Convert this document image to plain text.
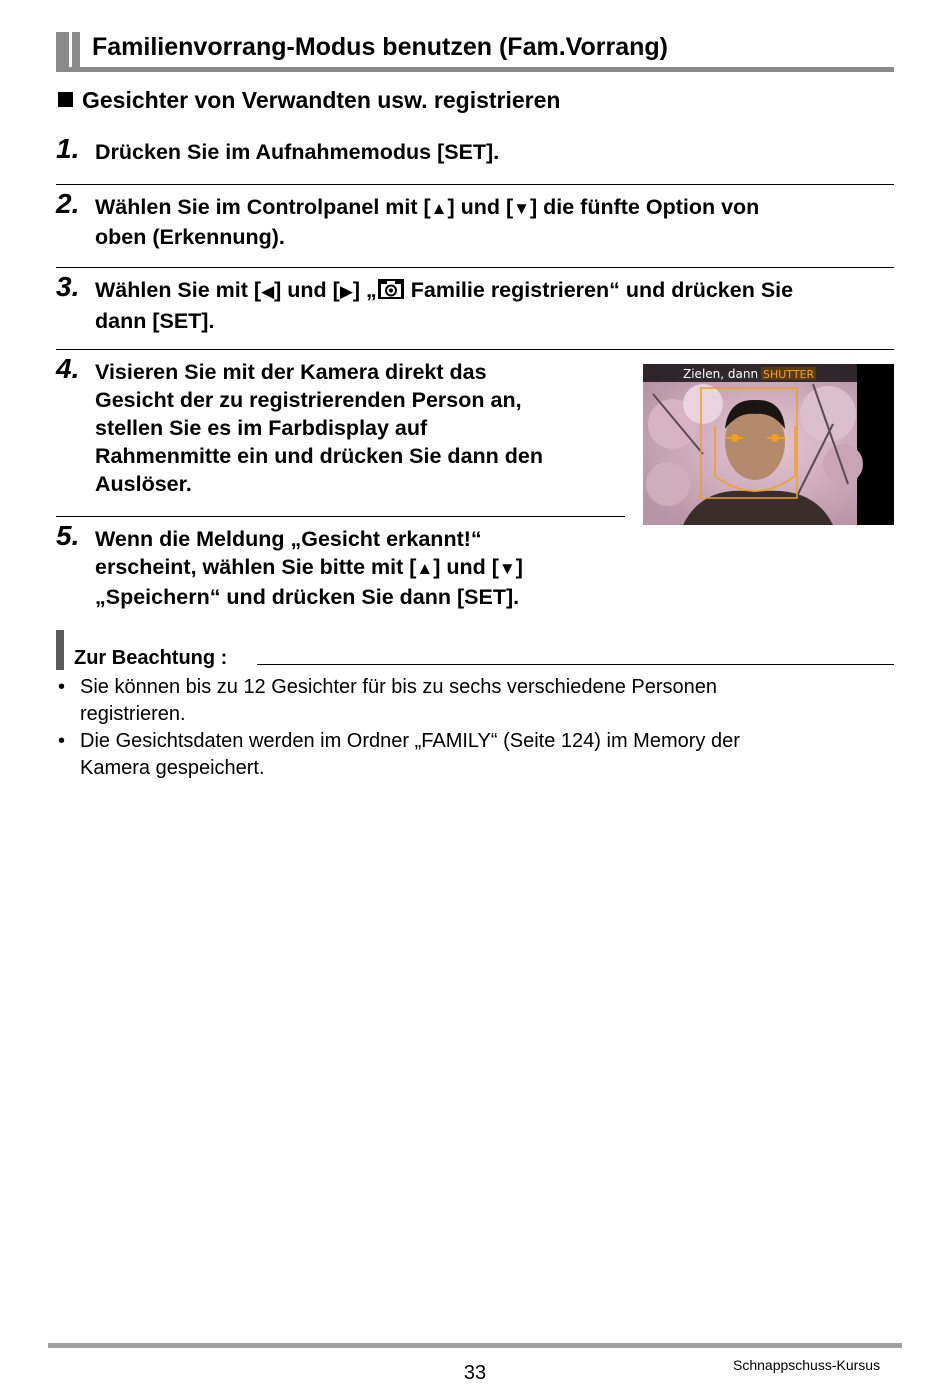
Familienvorrang-Modus benutzen (Fam.Vorrang)
Gesichter von Verwandten usw. registrieren
1. Drücken Sie im Aufnahmemodus [SET].
2. Wählen Sie im Controlpanel mit [▲] und [▼] die fünfte Option von
oben (Erkennung).
3. Wählen Sie mit [◀] und [▶] „ Familie registrieren“ und drücken Sie
dann [SET].
4. Visieren Sie mit der Kamera direkt das
Gesicht der zu registrierenden Person an,
stellen Sie es im Farbdisplay auf
Rahmenmitte ein und drücken Sie dann den
Auslöser.
Zielen, dann SHUTTER
5. Wenn die Meldung „Gesicht erkannt!“
erscheint, wählen Sie bitte mit [▲] und [▼]
„Speichern“ und drücken Sie dann [SET].
Zur Beachtung :
• Sie können bis zu 12 Gesichter für bis zu sechs verschiedene Personen
registrieren.
• Die Gesichtsdaten werden im Ordner „FAMILY“ (Seite 124) im Memory der
Kamera gespeichert.
33	Schnappschuss-Kursus
